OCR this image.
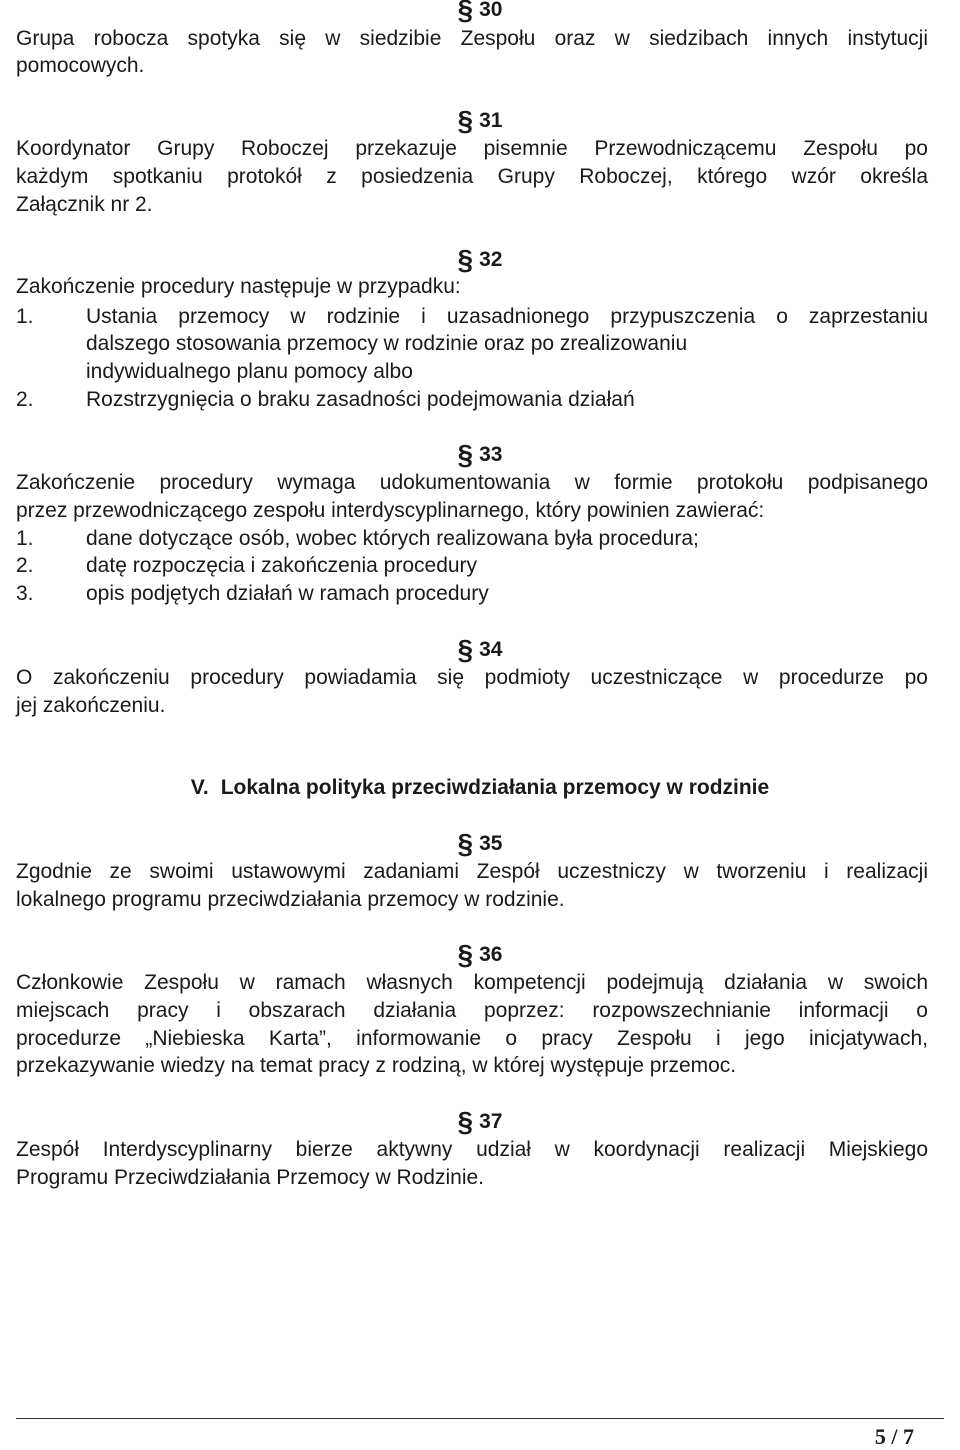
§ 30
Grupa robocza spotyka się w siedzibie Zespołu oraz w siedzibach innych instytucji
pomocowych.
§ 31
Koordynator Grupy Roboczej przekazuje pisemnie Przewodniczącemu Zespołu po
każdym spotkaniu protokół z posiedzenia Grupy Roboczej, którego wzór określa
Załącznik nr 2.
§ 32
Zakończenie procedury następuje w przypadku:
1.	Ustania przemocy w rodzinie i uzasadnionego przypuszczenia o zaprzestaniu
dalszego stosowania przemocy w rodzinie oraz po zrealizowaniu
indywidualnego planu pomocy albo
2.	Rozstrzygnięcia o braku zasadności podejmowania działań
§ 33
Zakończenie procedury wymaga udokumentowania w formie protokołu podpisanego
przez przewodniczącego zespołu interdyscyplinarnego, który powinien zawierać:
1. dane dotyczące osób, wobec których realizowana była procedura;
2. datę rozpoczęcia i zakończenia procedury
3. opis podjętych działań w ramach procedury
§ 34
O zakończeniu procedury powiadamia się podmioty uczestniczące w procedurze po
jej zakończeniu.
V. Lokalna polityka przeciwdziałania przemocy w rodzinie
§ 35
Zgodnie ze swoimi ustawowymi zadaniami Zespół uczestniczy w tworzeniu i realizacji
lokalnego programu przeciwdziałania przemocy w rodzinie.
§ 36
Członkowie Zespołu w ramach własnych kompetencji podejmują działania w swoich
miejscach pracy i obszarach działania poprzez: rozpowszechnianie informacji o
procedurze „Niebieska Karta”, informowanie o pracy Zespołu i jego inicjatywach,
przekazywanie wiedzy na temat pracy z rodziną, w której występuje przemoc.
§ 37
Zespół Interdyscyplinarny bierze aktywny udział w koordynacji realizacji Miejskiego
Programu Przeciwdziałania Przemocy w Rodzinie.
5 / 7
